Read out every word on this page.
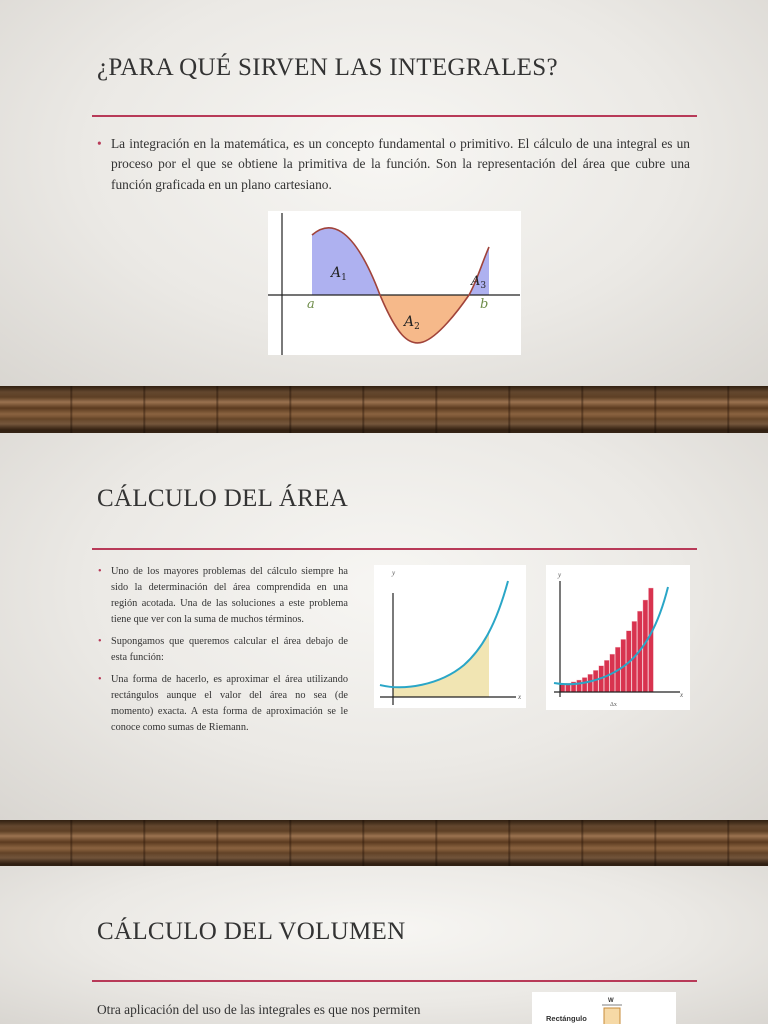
¿PARA QUÉ SIRVEN LAS INTEGRALES?

• La integración en la matemática, es un concepto fundamental o primitivo. El cálculo de una integral es un proceso por el que se obtiene la primitiva de la función. Son la representación del área que cubre una función graficada en un plano cartesiano.

$A_1$
$A_2$
$A_3$
a	b
CÁLCULO DEL ÁREA

• Uno de los mayores problemas del cálculo siempre ha sido la determinación del área comprendida en una región acotada. Una de las soluciones a este problema tiene que ver con la suma de muchos términos.

• Supongamos que queremos calcular el área debajo de esta función:

• Una forma de hacerlo, es aproximar el área utilizando rectángulos aunque el valor del área no sea (de momento) exacta. A esta forma de aproximación se le conoce como sumas de Riemann.

y
x
y
x
Δx
CÁLCULO DEL VOLUMEN

Otra aplicación del uso de las integrales es que nos permiten

W
Rectángulo
